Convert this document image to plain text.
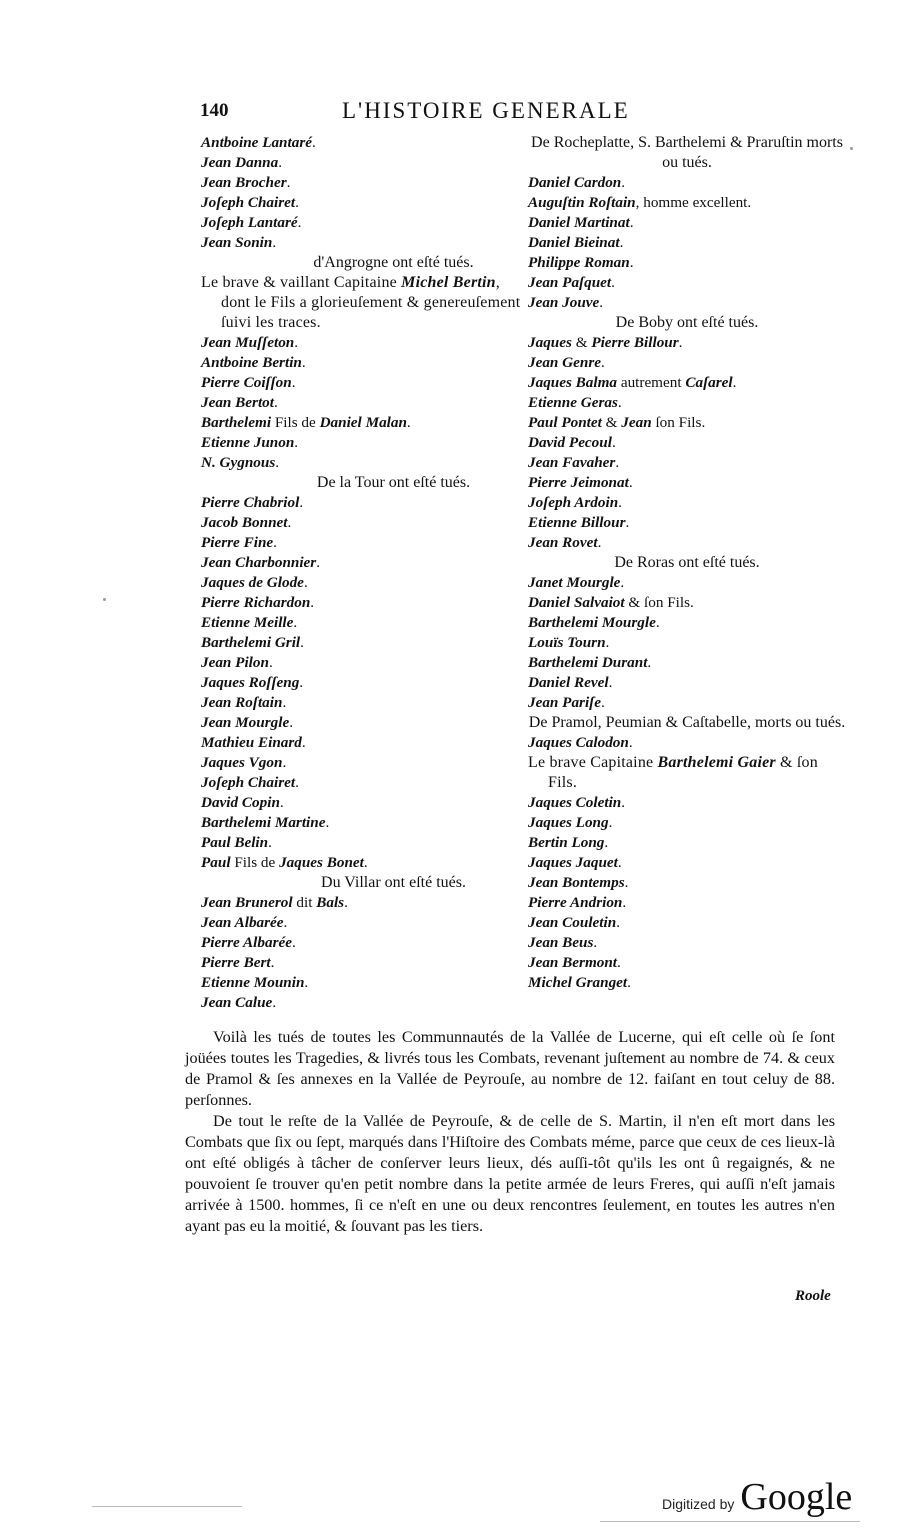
140	L'HISTOIRE GENERALE
Antboine Lantaré.
Jean Danna.
Jean Brocher.
Joſeph Chairet.
Joſeph Lantaré.
Jean Sonin.
d'Angrogne ont eſté tués.
Le brave & vaillant Capitaine Michel Bertin, dont le Fils a glorieuſement & genereuſement ſuivi les traces.
Jean Muſſeton.
Antboine Bertin.
Pierre Coiſſon.
Jean Bertot.
Barthelemi Fils de Daniel Malan.
Etienne Junon.
N. Gygnous.
De la Tour ont eſté tués.
Pierre Chabriol.
Jacob Bonnet.
Pierre Fine.
Jean Charbonnier.
Jaques de Glode.
Pierre Richardon.
Etienne Meille.
Barthelemi Gril.
Jean Pilon.
Jaques Roſſeng.
Jean Roſtain.
Jean Mourgle.
Mathieu Einard.
Jaques Vgon.
Joſeph Chairet.
David Copin.
Barthelemi Martine.
Paul Belin.
Paul Fils de Jaques Bonet.
Du Villar ont eſté tués.
Jean Brunerol dit Bals.
Jean Albarée.
Pierre Albarée.
Pierre Bert.
Etienne Mounin.
Jean Calue.
De Rocheplatte, S. Barthelemi & Praruſtin morts ou tués.
Daniel Cardon.
Auguſtin Roſtain, homme excellent.
Daniel Martinat.
Daniel Bieinat.
Philippe Roman.
Jean Paſquet.
Jean Jouve.
De Boby ont eſté tués.
Jaques & Pierre Billour.
Jean Genre.
Jaques Balma autrement Caſarel.
Etienne Geras.
Paul Pontet & Jean ſon Fils.
David Pecoul.
Jean Favaher.
Pierre Jeimonat.
Joſeph Ardoin.
Etienne Billour.
Jean Rovet.
De Roras ont eſté tués.
Janet Mourgle.
Daniel Salvaiot & ſon Fils.
Barthelemi Mourgle.
Louïs Tourn.
Barthelemi Durant.
Daniel Revel.
Jean Pariſe.
De Pramol, Peumian & Caſtabelle, morts ou tués.
Jaques Calodon.
Le brave Capitaine Barthelemi Gaier & ſon Fils.
Jaques Coletin.
Jaques Long.
Bertin Long.
Jaques Jaquet.
Jean Bontemps.
Pierre Andrion.
Jean Couletin.
Jean Beus.
Jean Bermont.
Michel Granget.

Voilà les tués de toutes les Communnautés de la Vallée de Lucerne, qui eſt celle où ſe ſont joüées toutes les Tragedies, & livrés tous les Combats, revenant juſtement au nombre de 74. & ceux de Pramol & ſes annexes en la Vallée de Peyrouſe, au nombre de 12. faiſant en tout celuy de 88. perſonnes.

De tout le reſte de la Vallée de Peyrouſe, & de celle de S. Martin, il n'en eſt mort dans les Combats que ſix ou ſept, marqués dans l'Hiſtoire des Combats méme, parce que ceux de ces lieux-là ont eſté obligés à tâcher de conſerver leurs lieux, dés auſſi-tôt qu'ils les ont û regaignés, & ne pouvoient ſe trouver qu'en petit nombre dans la petite armée de leurs Freres, qui auſſi n'eſt jamais arrivée à 1500. hommes, ſi ce n'eſt en une ou deux rencontres ſeulement, en toutes les autres n'en ayant pas eu la moitié, & ſouvant pas les tiers.

Roole
Digitized by Google
